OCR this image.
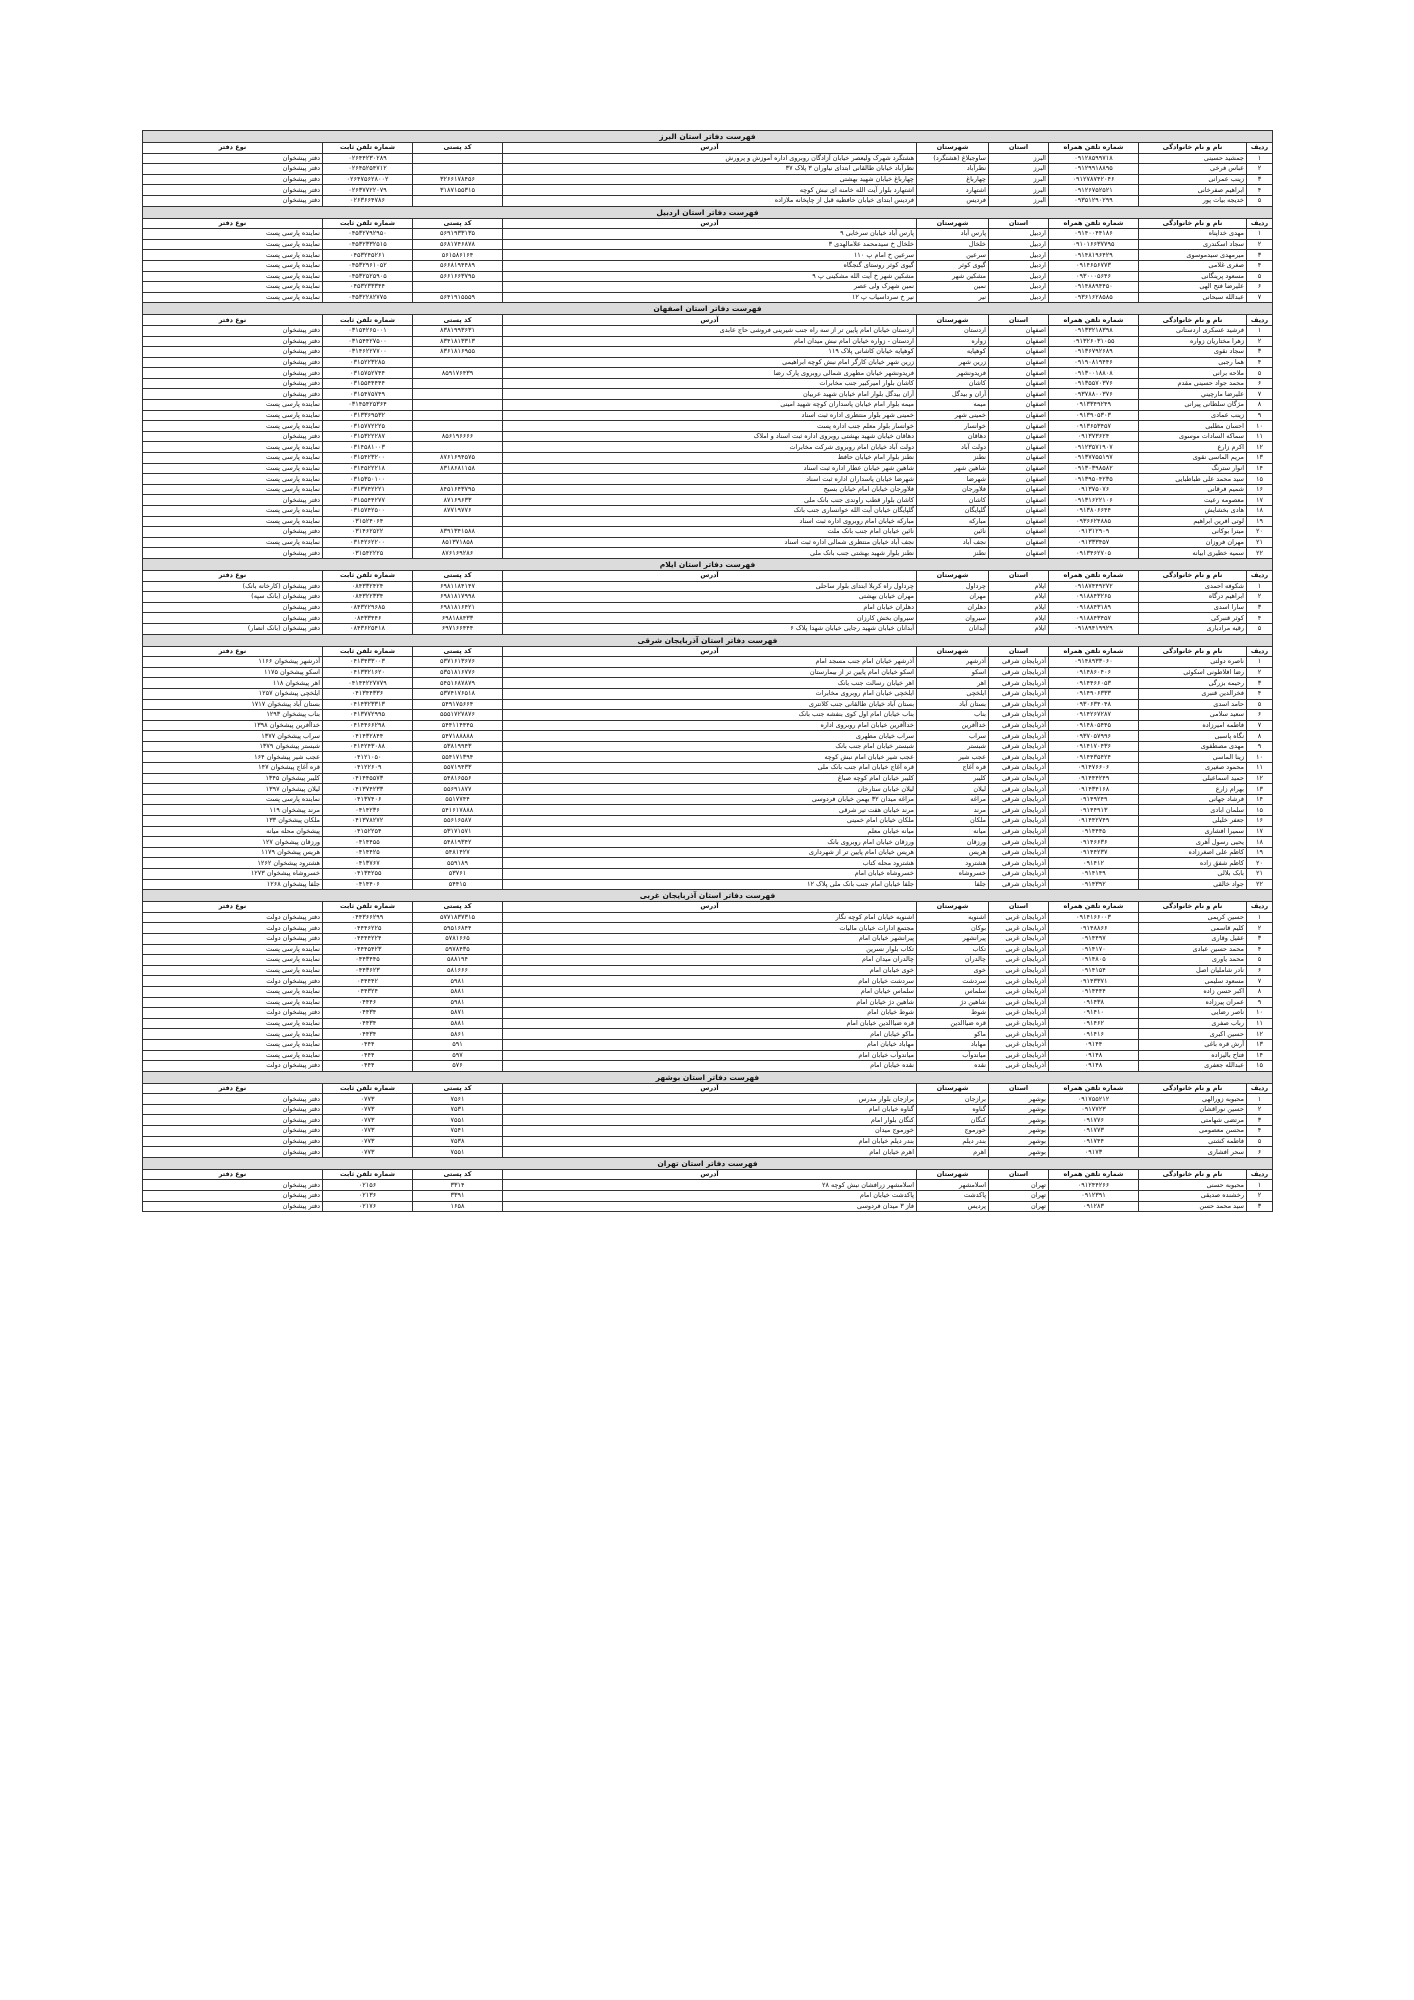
فهرست دفاتر استان البرز								
ردیف	نام و نام خانوادگی	شماره تلفن همراه	استان	شهرستان	آدرس	کد پستی	شماره تلفن ثابت	نوع دفتر
۱	جمشید حسینی	۰۹۱۲۸۵۹۹۷۱۸	البرز	ساوجبلاغ (هشتگرد)	هشتگرد شهرک ولیعصر خیابان آزادگان روبروی اداره آموزش و پرورش		۰۲۶۴۴۲۳۰۲۸۹	دفتر پیشخوان
۲	عباس فرخی	۰۹۱۲۹۹۱۸۸۹۵	البرز	نظرآباد	نظرآباد خیابان طالقانی ابتدای نیاوران ۳ پلاک ۳۷		۰۲۶۴۵۲۵۴۷۱۲	دفتر پیشخوان
۳	زینب عمرانی	۰۹۱۲۷۸۷۴۲۰۴۶	البرز	چهارباغ	چهارباغ خیابان شهید بهشتی	۳۲۶۶۱۷۸۴۵۶	۰۲۶۴۷۵۶۲۸۰۰۲	دفتر پیشخوان
۴	ابراهیم صفرخانی	۰۹۱۲۶۷۵۲۵۲۱	البرز	اشتهارد	اشتهارد بلوار آیت الله خامنه ای نبش کوچه	۳۱۸۷۱۵۵۳۱۵	۰۲۶۳۷۷۲۲۰۷۹	دفتر پیشخوان
۵	خدیجه بیات پور	۰۹۳۵۱۲۹۰۲۹۹	البرز	فردیس	فردیس ابتدای خیابان حافظیه قبل از چاپخانه ملازاده		۰۲۶۳۶۶۴۷۸۶	دفتر پیشخوان
فهرست دفاتر استان اردبیل								
ردیف	نام و نام خانوادگی	شماره تلفن همراه	استان	شهرستان	آدرس	کد پستی	شماره تلفن ثابت	نوع دفتر
۱	مهدی خداپناه	۰۹۱۴۰۰۴۴۱۸۶	اردبیل	پارس آباد	پارس آباد خیابان سرخابی ۹	۵۶۹۱۹۳۳۱۳۵	۰۴۵۳۲۷۹۲۹۵۰	نماینده پارسی پست
۲	سجاد اسکندری	۰۹۱۰۱۶۶۳۷۷۹۵	اردبیل	خلخال	خلخال خ سیدمحمد علامالهدی ۳	۵۶۸۱۷۴۶۸۷۸	۰۴۵۳۲۳۳۲۵۱۵	نماینده پارسی پست
۳	میرمهدی سیدموسوی	۰۹۱۴۸۱۹۶۴۲۹	اردبیل	سرعین	سرعین خ امام پ ۱۱۰	۵۶۱۵۸۶۱۶۴	۰۴۵۳۲۴۵۲۶۱	نماینده پارسی پست
۴	صغری غلامی	۰۹۱۴۶۵۶۷۷۳	اردبیل	گیوی کوثر	گیوی کوثر روستای گنجگاه	۵۶۶۸۱۹۴۴۸۹	۰۴۵۳۲۹۶۱۰۵۲	نماینده پارسی پست
۵	مسعود پرینگانی	۰۹۳۰۰۰۵۶۴۶	اردبیل	مشکین شهر	مشکین شهر خ آیت الله مشکینی پ ۹	۵۶۶۱۶۶۳۷۹۵	۰۴۵۳۲۵۲۵۹۰۵	نماینده پارسی پست
۶	علیرضا فتح الهی	۰۹۱۴۸۸۹۴۴۵۰	اردبیل	نمین	نمین شهرک ولی عصر		۰۴۵۳۲۳۳۳۴۴	نماینده پارسی پست
۷	عبدالله سبحانی	۰۹۳۶۱۶۲۸۵۸۵	اردبیل	نیر	نیر خ سرداسیاب پ ۱۲	۵۶۴۱۹۱۵۵۵۹	۰۴۵۳۲۲۸۲۷۷۵	نماینده پارسی پست
فهرست دفاتر استان اصفهان								
ردیف	نام و نام خانوادگی	شماره تلفن همراه	استان	شهرستان	آدرس	کد پستی	شماره تلفن ثابت	نوع دفتر
۱	فرشید عسکری اردستانی	۰۹۱۳۳۲۱۸۳۹۸	اصفهان	اردستان	اردستان خیابان امام پایین تر از سه راه جنب شیرینی فروشی حاج عابدی	۸۳۸۱۹۹۳۶۳۱	۰۳۱۵۴۲۶۵۰۰۱	دفتر پیشخوان
۲	زهرا مختاریان زواره	۰۹۱۳۲۶۰۳۱۰۵۵	اصفهان	زواره	اردستان - زواره خیابان امام نبش میدان امام	۸۳۴۱۸۱۳۳۱۳	۰۳۱۵۴۴۲۷۵۰۰	دفتر پیشخوان
۳	سجاد نقوی	۰۹۱۳۶۷۹۲۶۸۹	اصفهان	کوهپایه	کوهپایه خیابان کاشانی پلاک ۱۱۹	۸۳۶۱۸۱۶۹۵۵	۰۳۱۴۶۲۲۷۷۰۰	دفتر پیشخوان
۴	هما رجبی	۰۹۱۹۰۸۱۹۴۴۶	اصفهان	زرین شهر	زرین شهر خیابان کارگر امام نبش کوچه ابراهیمی		۰۳۱۵۲۲۳۲۸۵	دفتر پیشخوان
۵	ملاحه برانی	۰۹۱۳۰۰۱۸۸۰۸	اصفهان	فریدونشهر	فریدونشهر خیابان مطهری شمالی روبروی پارک رضا	۸۵۹۱۷۶۴۳۹	۰۳۱۵۷۵۲۷۴۴	دفتر پیشخوان
۶	محمد جواد حسینی مقدم	۰۹۱۳۵۵۷۰۳۷۶	اصفهان	کاشان	کاشان بلوار امیرکبیر جنب مخابرات		۰۳۱۵۵۴۴۴۴۴	دفتر پیشخوان
۷	علیرضا مارچیني	۰۹۳۷۸۸۰۰۳۷۶	اصفهان	آران و بیدگل	آران بیدگل بلوار امام خیابان شهید عربیان		۰۳۱۵۴۷۵۷۴۹	دفتر پیشخوان
۸	مژگان سلطانی پیرانی	۰۹۱۳۳۴۹۲۴۹	اصفهان	میمه	میمه بلوار امام خیابان پاسداران کوچه شهید امینی		۰۳۱۴۵۴۲۵۳۶۴	نماینده پارسی پست
۹	زینب عمادی	۰۹۱۳۹۰۵۳۰۳	اصفهان	خمینی شهر	خمینی شهر بلوار منتظری اداره ثبت اسناد		۰۳۱۳۳۶۹۵۳۲	نماینده پارسی پست
۱۰	احسان مطلبی	۰۹۱۳۶۵۳۴۵۷	اصفهان	خوانسار	خوانسار بلوار معلم جنب اداره پست		۰۳۱۵۷۷۲۲۲۵	نماینده پارسی پست
۱۱	سماکه السادات موسوی	۰۹۱۳۷۳۶۲۴	اصفهان	دهاقان	دهاقان خیابان شهید بهشتی روبروی اداره ثبت اسناد و املاک	۸۵۶۱۹۶۶۶۶	۰۳۱۵۳۲۲۲۸۷	دفتر پیشخوان
۱۲	اکرم زارع	۰۹۱۲۳۵۷۱۹۰۷	اصفهان	دولت آباد	دولت آباد خیابان امام روبروی شرکت مخابرات		۰۳۱۴۵۸۱۰۰۳	نماینده پارسی پست
۱۳	مریم الماسی نقوی	۰۹۱۳۷۷۵۵۱۹۷	اصفهان	نطنز	نطنز بلوار امام خیابان حافظ	۸۷۶۱۶۹۴۵۷۵	۰۳۱۵۴۲۳۲۰۰	نماینده پارسی پست
۱۴	انوار سترنگ	۰۹۱۳۰۳۹۸۵۸۲	اصفهان	شاهین شهر	شاهین شهر خیابان عطار اداره ثبت اسناد	۸۳۱۸۶۸۱۱۵۸	۰۳۱۴۵۲۲۲۱۸	نماینده پارسی پست
۱۵	سید محمد علی طباطبایی	۰۹۱۳۹۵۰۴۲۳۵	اصفهان	شهرضا	شهرضا خیابان پاسداران اداره ثبت اسناد		۰۳۱۵۳۵۰۱۰۰	نماینده پارسی پست
۱۶	شمیم فرقانی	۰۹۱۳۷۵۰۷۶	اصفهان	فلاورجان	فلاورجان خیابان امام خیابان بسیج	۸۴۵۱۶۴۳۷۹۵	۰۳۱۳۷۴۲۲۲۱	نماینده پارسی پست
۱۷	معصومه رعیت	۰۹۱۳۱۶۲۲۱۰۶	اصفهان	کاشان	کاشان بلوار قطب راوندی جنب بانک ملی	۸۷۱۶۹۶۳۳	۰۳۱۵۵۴۴۲۷۷	دفتر پیشخوان
۱۸	هادی بخشایش	۰۹۱۳۸۰۶۶۴۴	اصفهان	گلپایگان	گلپایگان خیابان آیت الله خوانساری جنب بانک	۸۷۷۱۹۷۷۶	۰۳۱۵۷۴۲۵۰۰	نماینده پارسی پست
۱۹	لوتی افرين ابراهيم	۰۹۳۶۶۲۴۸۸۵	اصفهان	مبارکه	مبارکه خیابان امام روبروی اداره ثبت اسناد		۰۳۱۵۲۴۰۶۴	نماینده پارسی پست
۲۰	میترا بوکانی	۰۹۱۳۱۲۹۰۹	اصفهان	نائین	نائین خیابان امام جنب بانک ملت	۸۳۹۱۳۴۱۵۸۸	۰۳۱۴۶۲۵۲۲	دفتر پیشخوان
۲۱	مهران فروزان	۰۹۱۳۳۳۴۵۷	اصفهان	نجف آباد	نجف آباد خیابان منتظری شمالی اداره ثبت اسناد	۸۵۱۳۷۱۸۵۸	۰۳۱۴۲۶۲۲۰۰	نماینده پارسی پست
۲۲	سمیه خطیری ابیانه	۰۹۱۳۴۶۲۷۰۵	اصفهان	نطنز	نطنز بلوار شهید بهشتی جنب بانک ملی	۸۷۶۱۶۹۲۸۶	۰۳۱۵۴۲۲۲۵	دفتر پیشخوان
فهرست دفاتر استان ایلام								
ردیف	نام و نام خانوادگی	شماره تلفن همراه	استان	شهرستان	آدرس	کد پستی	شماره تلفن ثابت	نوع دفتر
۱	شکوفه احمدی	۰۹۱۸۷۴۴۹۲۷۲	ایلام	چرداول	چرداول راه کربلا ابتدای بلوار ساحلی	۶۹۸۱۱۸۴۱۴۷	۰۸۴۳۳۲۴۲۴	دفتر پیشخوان (کارخانه بانک)
۲	ابراهیم درگاه	۰۹۱۸۸۴۳۲۶۵	ایلام	مهران	مهران خیابان بهشتی	۶۹۸۱۸۱۷۹۹۸	۰۸۴۳۲۲۳۳۴	دفتر پیشخوان (بانک سپه)
۳	سارا اسدی	۰۹۱۸۸۴۳۱۸۹	ایلام	دهلران	دهلران خیابان امام	۶۹۸۱۸۱۶۴۲۱	۰۸۴۳۲۲۹۶۸۵	دفتر پیشخوان
۴	کوثر قنبرکی	۰۹۱۸۸۴۳۴۵۷	ایلام	سیروان	سیروان بخش کارزان	۶۹۸۱۸۸۴۳۳	۰۸۴۳۳۴۴۶	دفتر پیشخوان
۵	رقیه مرادیاری	۰۹۱۸۹۴۱۹۹۲۹	ایلام	آبدانان	آبدانان خیابان شهید رجایی خیابان شهدا پلاک ۶	۶۹۷۱۶۶۴۴۴	۰۸۴۳۶۲۵۴۱۸	دفتر پیشخوان (بانک انصار)
فهرست دفاتر استان آذربایجان شرقی								
ردیف	نام و نام خانوادگی	شماره تلفن همراه	استان	شهرستان	آدرس	کد پستی	شماره تلفن ثابت	نوع دفتر
۱	ناصره دولتی	۰۹۱۴۸۹۳۳۰۶۰	آذربایجان شرقی	آذرشهر	آذرشهر خیابان امام جنب مسجد امام	۵۳۷۱۶۱۳۶۷۶	۰۴۱۳۴۳۳۰۰۳	آذرشهر پیشخوان ۱۱۶۶
۲	رضا افلاطونی اسکوئی	۰۹۱۴۸۶۰۴۰۶	آذربایجان شرقی	اسکو	اسکو خیابان امام پایین تر از بیمارستان	۵۳۵۱۸۱۶۷۷۶	۰۴۱۳۳۲۱۶۲۰	اسکو پیشخوان ۱۱۷۵
۳	رحیمه بزرگی	۰۹۱۴۴۶۶۰۵۳	آذربایجان شرقی	اهر	اهر خیابان رسالت جنب بانک	۵۴۵۱۶۸۷۸۷۹	۰۴۱۴۴۲۲۷۷۷۹	اهر پیشخوان ۱۱۸
۴	فخرالدین قنبری	۰۹۱۴۹۰۶۳۳۳	آذربایجان شرقی	ایلخچی	ایلخچی خیابان امام روبروی مخابرات	۵۳۷۴۱۷۶۵۱۸	۰۴۱۳۴۴۳۳۶	ایلخچی پیشخوان ۱۲۵۷
۵	حامد اسدی	۰۹۳۰۶۳۴۰۴۸	آذربایجان شرقی	بستان آباد	بستان آباد خیابان طالقانی جنب کلانتری	۵۴۹۱۷۵۶۶۴	۰۴۱۴۳۲۳۳۱۳	بستان آباد پیشخوان ۱۷۱۷
۶	سعید سلامی	۰۹۱۴۲۶۷۲۸۷	آذربایجان شرقی	بناب	بناب خیابان امام اول کوی بنفشه جنب بانک	۵۵۵۱۷۲۷۸۷۶	۰۴۱۳۷۷۲۹۹۵	بناب پیشخوان ۱۲۹۳
۷	فاطمه امیرزاده	۰۹۱۴۸۰۵۴۴۵	آذربایجان شرقی	خداآفرین	خداآفرین خیابان امام روبروی اداره	۵۴۴۱۱۴۴۴۵	۰۴۱۴۴۶۶۲۹۸	خداآفرین پیشخوان ۱۳۹۸
۸	نگاه پاسبی	۰۹۳۷۰۵۷۹۹۶	آذربایجان شرقی	سراب	سراب خیابان مطهری	۵۴۷۱۸۸۸۸۸	۰۴۱۴۳۲۸۴۴	سراب پیشخوان ۱۳۷۷
۹	مهدی مصطفوی	۰۹۱۴۱۷۰۴۳۶	آذربایجان شرقی	شبستر	شبستر خیابان امام جنب بانک	۵۳۸۱۹۹۴۳	۰۴۱۴۲۴۳۰۸۸	شبستر پیشخوان ۱۳۷۹
۱۰	زینا الماسی	۰۹۱۴۴۳۵۴۲۴	آذربایجان شرقی	عجب شیر	عجب شیر خیابان امام نبش کوچه	۵۵۴۱۷۱۳۹۴	۰۴۱۲۱۰۵۰	عجب شیر پیشخوان ۱۶۴
۱۱	محمود صغیری	۰۹۱۴۷۶۶۰۶	آذربایجان شرقی	قره آغاج	قره آغاج خیابان امام جنب بانک ملی	۵۵۷۱۹۴۳۳	۰۴۱۲۲۶۰۹	قره آغاج پیشخوان ۱۴۷
۱۲	حمید اسماعیلی	۰۹۱۴۴۴۲۴۹	آذربایجان شرقی	کلیبر	کلیبر خیابان امام کوچه صباغ	۵۴۸۱۶۵۵۶	۰۴۱۴۴۵۵۷۳	کلیبر پیشخوان ۱۳۴۵
۱۳	بهرام زارع	۰۹۱۴۳۴۱۶۸	آذربایجان شرقی	لیلان	لیلان خیابان ستارخان	۵۵۶۹۱۸۷۷	۰۴۱۳۷۴۲۳۳	لیلان پیشخوان ۱۳۹۷
۱۴	فرشاد جهانی	۰۹۱۴۹۲۴۹	آذربایجان شرقی	مراغه	مراغه میدان ۳۲ بهمن خیابان فردوسی	۵۵۱۷۷۴۴	۰۴۱۳۷۴۰۶	نماینده پارسی پست
۱۵	سلمان ابادی	۰۹۱۴۴۹۱۳	آذربایجان شرقی	مرند	مرند خیابان هفت تیر شرقی	۵۴۱۶۱۷۸۸۸	۰۴۱۴۲۳۶	مرند پیشخوان ۱۱۹
۱۶	جعفر خلیلی	۰۹۱۴۴۲۷۴۹	آذربایجان شرقی	ملکان	ملکان خیابان امام خمینی	۵۵۶۱۶۵۸۷	۰۴۱۳۷۸۲۷۲	ملکان پیشخوان ۱۳۳
۱۷	سمیرا افشاری	۰۹۱۴۴۴۵	آذربایجان شرقی	میانه	میانه خیابان معلم	۵۳۱۷۱۵۷۱	۰۴۱۵۲۲۵۴	پیشخوان محله میانه
۱۸	یحیی رسول آهری	۰۹۱۴۶۶۳۶	آذربایجان شرقی	ورزقان	ورزقان خیابان امام روبروی بانک	۵۴۸۱۹۳۴۲	۰۴۱۴۴۵۵	ورزقان پیشخوان ۱۲۷
۱۹	کاظم علی اصغرزاده	۰۹۱۴۴۲۳۷	آذربایجان شرقی	هریس	هریس خیابان امام پایین تر از شهرداری	۵۴۸۱۴۲۷	۰۴۱۴۴۲۵	هریس پیشخوان ۱۱۷۹
۲۰	کاظم شفق زاده	۰۹۱۴۱۲	آذربایجان شرقی	هشترود	هشترود محله کتاب	۵۵۹۱۸۹	۰۴۱۳۷۶۷	هشترود پیشخوان ۱۲۶۲
۲۱	بابک بلالی	۰۹۱۴۱۴۹	آذربایجان شرقی	خسروشاه	خسروشاه خیابان امام	۵۳۷۶۱	۰۴۱۳۴۲۵۵	خسروشاه پیشخوان ۱۲۷۳
۲۲	جواد خالقی	۰۹۱۴۳۹۲	آذربایجان شرقی	جلفا	جلفا خیابان امام جنب بانک ملی پلاک ۱۲	۵۴۴۱۵	۰۴۱۴۴۰۶	جلفا پیشخوان ۱۲۶۸
فهرست دفاتر استان آذربایجان غربی								
ردیف	نام و نام خانوادگی	شماره تلفن همراه	استان	شهرستان	آدرس	کد پستی	شماره تلفن ثابت	نوع دفتر
۱	حسین کریمی	۰۹۱۴۱۶۶۰۰۳	آذربایجان غربی	اشنویه	اشنویه خیابان امام کوچه نگار	۵۷۷۱۸۳۷۳۱۵	۰۴۴۳۶۶۲۹۹	دفتر پیشخوان دولت
۲	کلیم قاسمی	۰۹۱۴۸۸۶۶	آذربایجان غربی	بوکان	مجتمع ادارات خیابان مالیات	۵۹۵۱۶۸۴۴	۰۴۴۴۶۲۲۵	دفتر پیشخوان دولت
۳	عقیل وقاری	۰۹۱۴۴۹۷	آذربایجان غربی	پیرانشهر	پیرانشهر خیابان امام	۵۷۸۱۶۶۵	۰۴۴۴۴۲۲۴	دفتر پیشخوان دولت
۴	محمد حسین عبادی	۰۹۱۴۱۷۰	آذربایجان غربی	تکاب	تکاب بلوار نسرین	۵۹۷۸۴۳۵	۰۴۴۴۵۴۲۳	نماینده پارسی پست
۵	محمد یاوری	۰۹۱۴۸۰۵	آذربایجان غربی	چالدران	چالدران میدان امام	۵۸۸۱۹۴	۰۴۴۳۴۴۵	نماینده پارسی پست
۶	نادر شاملیان اصل	۰۹۱۴۱۵۴	آذربایجان غربی	خوی	خوی خیابان امام	۵۸۱۶۶۶	۰۴۴۳۶۲۳	نماینده پارسی پست
۷	مسعود سلیمی	۰۹۱۴۳۳۷۱	آذربایجان غربی	سردشت	سردشت خیابان امام	۵۹۸۱	۰۴۴۴۴۲	دفتر پیشخوان دولت
۸	اکبر حسن زاده	۰۹۱۴۴۴۴	آذربایجان غربی	سلماس	سلماس خیابان امام	۵۸۸۱	۰۴۴۳۲۴	نماینده پارسی پست
۹	عمران پیرزاده	۰۹۱۴۳۸	آذربایجان غربی	شاهین دژ	شاهین دژ خیابان امام	۵۹۸۱	۰۴۴۴۶	نماینده پارسی پست
۱۰	ناصر رضایی	۰۹۱۴۱۰	آذربایجان غربی	شوط	شوط خیابان امام	۵۸۷۱	۰۴۴۳۴	دفتر پیشخوان دولت
۱۱	رباب صفری	۰۹۱۴۶۲	آذربایجان غربی	قره ضیاالدین	قره ضیاالدین خیابان امام	۵۸۸۱	۰۴۴۳۴	نماینده پارسی پست
۱۲	حسین اکبری	۰۹۱۴۱۶	آذربایجان غربی	ماکو	ماکو خیابان امام	۵۸۶۱	۰۴۴۳۴	نماینده پارسی پست
۱۳	آرش قره باغی	۰۹۱۴۴	آذربایجان غربی	مهاباد	مهاباد خیابان امام	۵۹۱	۰۴۴۴	نماینده پارسی پست
۱۴	فتاح بالیزاده	۰۹۱۴۸	آذربایجان غربی	میاندوآب	میاندوآب خیابان امام	۵۹۷	۰۴۴۴	نماینده پارسی پست
۱۵	عبدالله جعفری	۰۹۱۴۸	آذربایجان غربی	نقده	نقده خیابان امام	۵۷۶	۰۴۴۴	دفتر پیشخوان دولت
فهرست دفاتر استان بوشهر								
ردیف	نام و نام خانوادگی	شماره تلفن همراه	استان	شهرستان	آدرس	کد پستی	شماره تلفن ثابت	نوع دفتر
۱	محبوبه زورالهی	۰۹۱۷۵۵۲۱۲	بوشهر	برازجان	برازجان بلوار مدرس	۷۵۶۱	۰۷۷۳	دفتر پیشخوان
۲	حسین نوراقشان	۰۹۱۷۷۲۳	بوشهر	گناوه	گناوه خیابان امام	۷۵۳۱	۰۷۷۳	دفتر پیشخوان
۳	مرتضی شهامتی	۰۹۱۷۷۶	بوشهر	کنگان	کنگان بلوار امام	۷۵۵۱	۰۷۷۳	دفتر پیشخوان
۴	محسن معصومی	۰۹۱۷۷۳	بوشهر	خورموج	خورموج میدان	۷۵۴۱	۰۷۷۳	دفتر پیشخوان
۵	فاطمه کشتی	۰۹۱۷۴۴	بوشهر	بندر دیلم	بندر دیلم خیابان امام	۷۵۳۸	۰۷۷۳	دفتر پیشخوان
۶	سحر افشاری	۰۹۱۷۳	بوشهر	اهرم	اهرم خیابان امام	۷۵۵۱	۰۷۷۳	دفتر پیشخوان
فهرست دفاتر استان تهران								
ردیف	نام و نام خانوادگی	شماره تلفن همراه	استان	شهرستان	آدرس	کد پستی	شماره تلفن ثابت	نوع دفتر
۱	محبوبه حسنی	۰۹۱۲۴۴۲۶۶	تهران	اسلامشهر	اسلامشهر زرافشان نبش کوچه ۲۸	۳۳۱۴	۰۲۱۵۶	دفتر پیشخوان
۲	رخشنده صدیقی	۰۹۱۲۳۹۱	تهران	پاکدشت	پاکدشت خیابان امام	۳۳۹۱	۰۲۱۳۶	دفتر پیشخوان
۳	سید محمد حسن	۰۹۱۲۸۳	تهران	پردیس	فاز ۳ میدان فردوسی	۱۶۵۸	۰۲۱۷۶	دفتر پیشخوان
